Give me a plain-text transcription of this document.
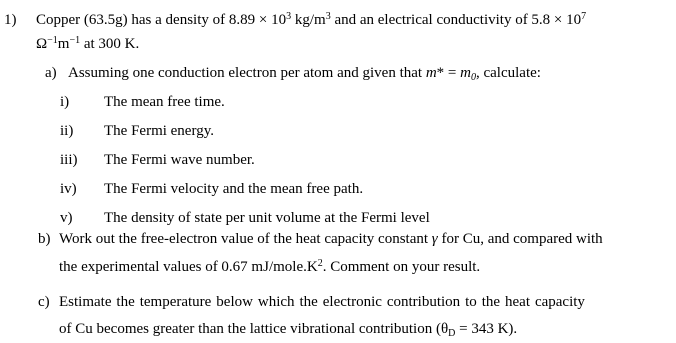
1) Copper (63.5g) has a density of $8.89 \times 10^3$ $kg/m^3$ and an electrical conductivity of $5.8 \times 10^7$
$\Omega^{-1}m^{-1}$ at 300 K.
a) Assuming one conduction electron per atom and given that $m* = m_0$, calculate:
i) The mean free time.
ii) The Fermi energy.
iii) The Fermi wave number.
iv) The Fermi velocity and the mean free path.
v) The density of state per unit volume at the Fermi level
b) Work out the free-electron value of the heat capacity constant γ for Cu, and compared with
the experimental values of 0.67 $mJ/mole.K^2$. Comment on your result.
c) Estimate the temperature below which the electronic contribution to the heat capacity
of Cu becomes greater than the lattice vibrational contribution ($\theta_D = 343$ K).
